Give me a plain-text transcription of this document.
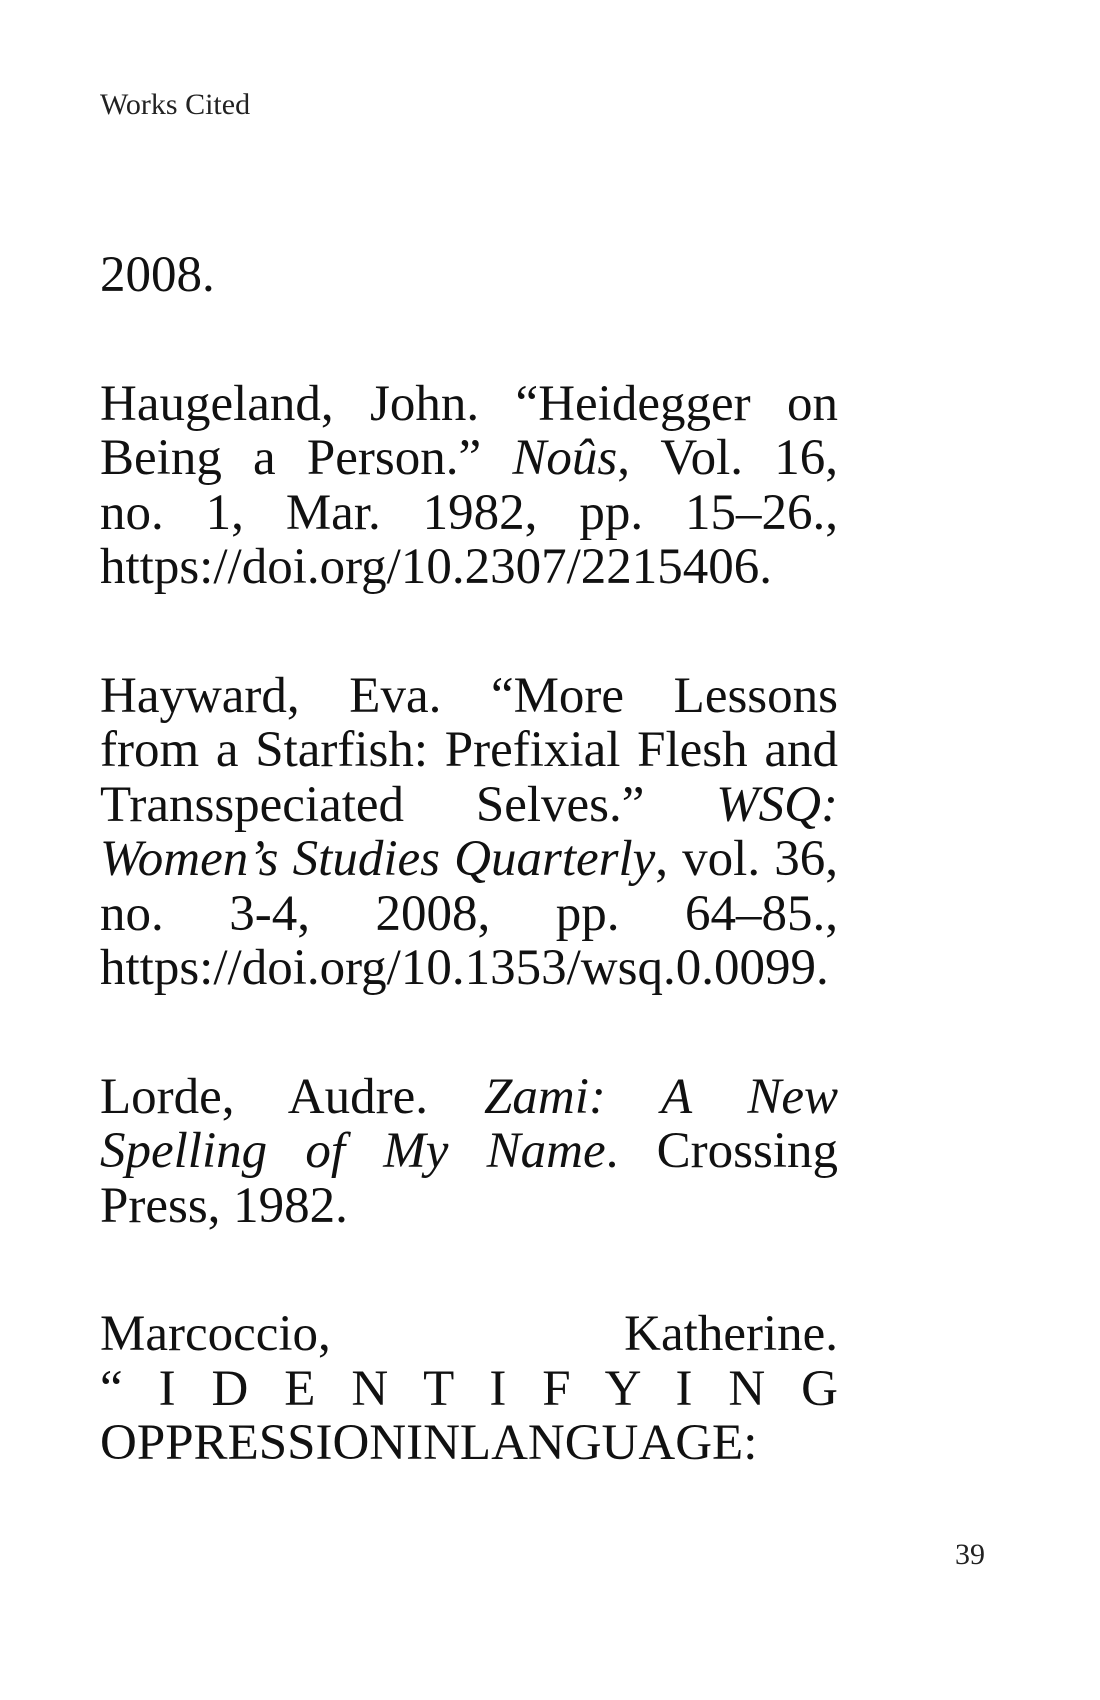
Works Cited

2008.

Haugeland, John. “Heidegger on Being a Person.” Noûs, Vol. 16, no. 1, Mar. 1982, pp. 15–26., https://doi.org/10.2307/2215406.

Hayward, Eva. “More Lessons from a Starfish: Prefixial Flesh and Transspeciated Selves.” WSQ: Women’s Studies Quarterly, vol. 36, no. 3-4, 2008, pp. 64–85., https://doi.org/10.1353/wsq.0.0099.

Lorde, Audre. Zami: A New Spelling of My Name. Crossing Press, 1982.

Marcoccio, Katherine.
“ I D E N T I F Y I N G
OPPRESSIONINLANGUAGE:

39
